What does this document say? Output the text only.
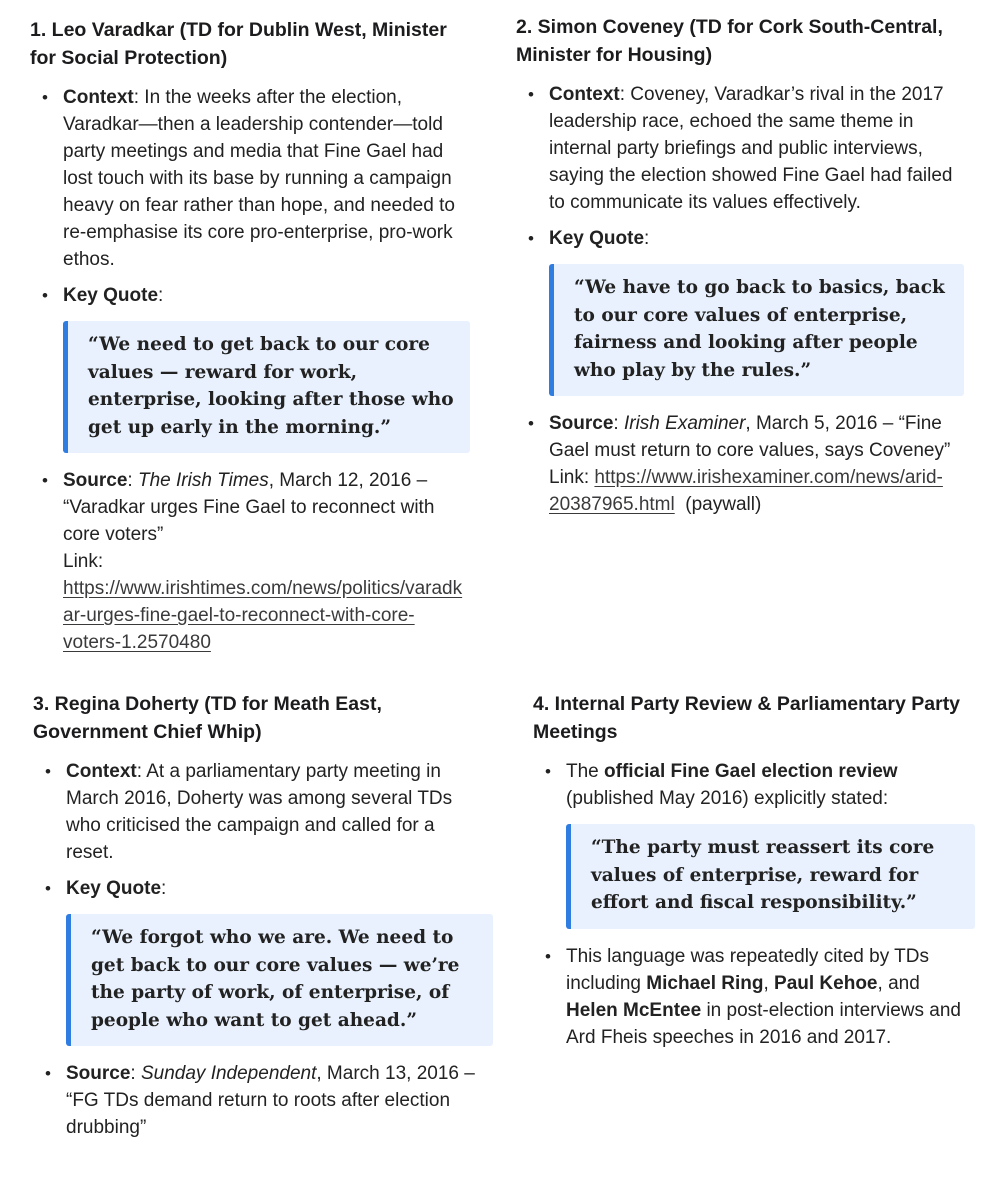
1. Leo Varadkar (TD for Dublin West, Minister for Social Protection)
• Context: In the weeks after the election, Varadkar—then a leadership contender—told party meetings and media that Fine Gael had lost touch with its base by running a campaign heavy on fear rather than hope, and needed to re-emphasise its core pro-enterprise, pro-work ethos.
• Key Quote:
“We need to get back to our core values — reward for work, enterprise, looking after those who get up early in the morning.”
• Source: The Irish Times, March 12, 2016 – “Varadkar urges Fine Gael to reconnect with core voters”

Link: https://www.irishtimes.com/news/politics/varadkar-urges-fine-gael-to-reconnect-with-core-voters-1.2570480

2. Simon Coveney (TD for Cork South-Central, Minister for Housing)
• Context: Coveney, Varadkar’s rival in the 2017 leadership race, echoed the same theme in internal party briefings and public interviews, saying the election showed Fine Gael had failed to communicate its values effectively.
• Key Quote:
“We have to go back to basics, back to our core values of enterprise, fairness and looking after people who play by the rules.”
• Source: Irish Examiner, March 5, 2016 – “Fine Gael must return to core values, says Coveney”

Link: https://www.irishexaminer.com/news/arid-20387965.html (paywall)

3. Regina Doherty (TD for Meath East, Government Chief Whip)
• Context: At a parliamentary party meeting in March 2016, Doherty was among several TDs who criticised the campaign and called for a reset.
• Key Quote:
“We forgot who we are. We need to get back to our core values — we’re the party of work, of enterprise, of people who want to get ahead.”
• Source: Sunday Independent, March 13, 2016 – “FG TDs demand return to roots after election drubbing”
4. Internal Party Review & Parliamentary Party Meetings
• The official Fine Gael election review (published May 2016) explicitly stated:
“The party must reassert its core values of enterprise, reward for effort and fiscal responsibility.”
• This language was repeatedly cited by TDs including Michael Ring, Paul Kehoe, and Helen McEntee in post-election interviews and Ard Fheis speeches in 2016 and 2017.
